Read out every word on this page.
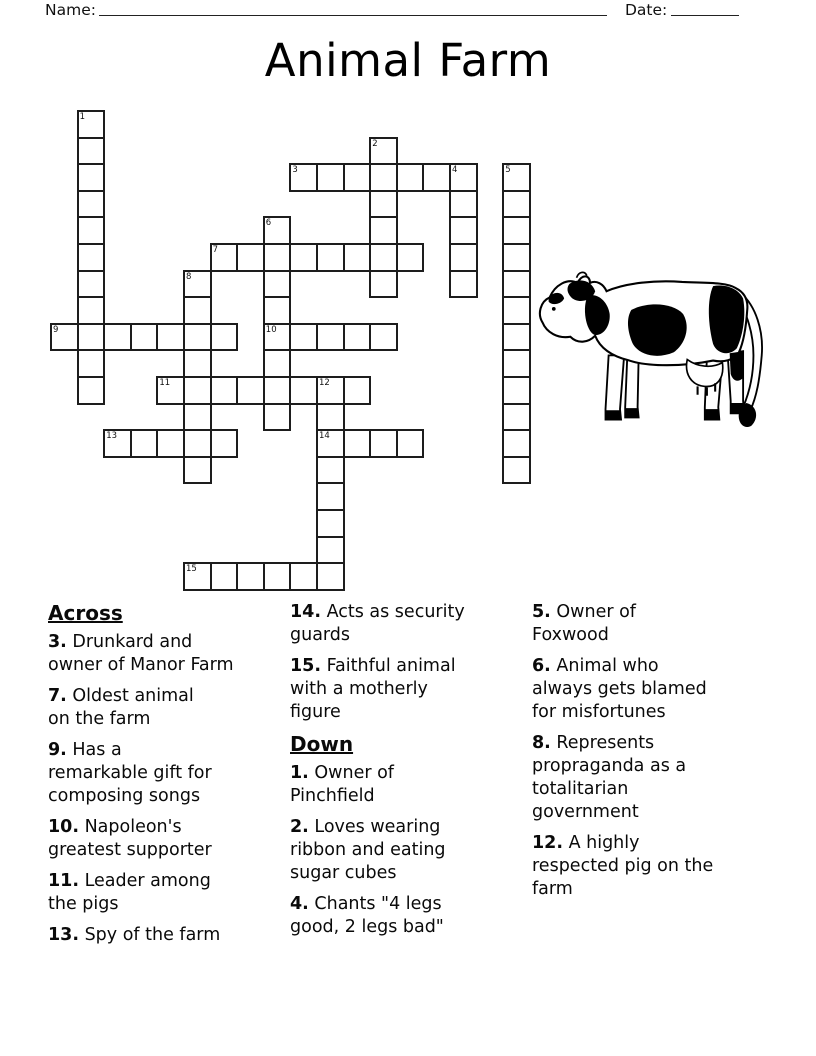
Name:	Date:
Animal Farm
1
2
3	4	5
6
10
7
8
9
11	12
14
13
15
Across
3. Drunkard and
owner of Manor Farm
7. Oldest animal
on the farm
9. Has a
remarkable gift for
composing songs
10. Napoleon's
greatest supporter
11. Leader among
the pigs
13. Spy of the farm
14. Acts as security
guards
15. Faithful animal
with a motherly
figure
Down
1. Owner of
Pinchfield
2. Loves wearing
ribbon and eating
sugar cubes
4. Chants "4 legs
good, 2 legs bad"
5. Owner of
Foxwood
6. Animal who
always gets blamed
for misfortunes
8. Represents
propraganda as a
totalitarian
government
12. A highly
respected pig on the
farm
